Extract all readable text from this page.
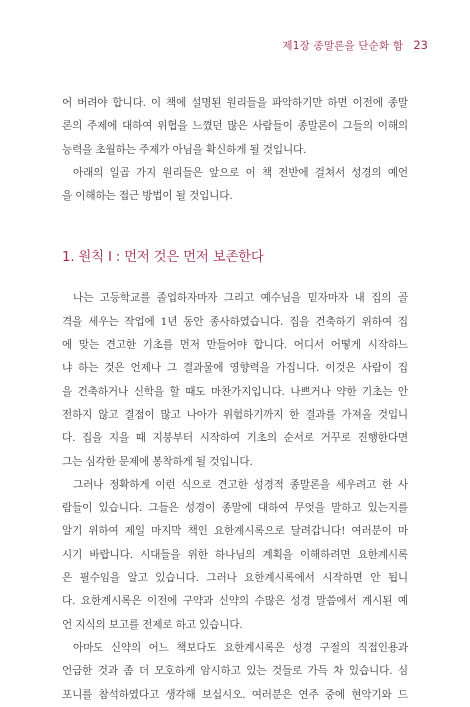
제1장 종말론을 단순화 함 23

어 버려야 합니다. 이 책에 설명된 원리들을 파악하기만 하면 이전에 종말
론의 주제에 대하여 위협을 느꼈던 많은 사람들이 종말론이 그들의 이해의
능력을 초월하는 주제가 아님을 확신하게 될 것입니다.

아래의 일곱 가지 원리들은 앞으로 이 책 전반에 걸쳐서 성경의 예언
을 이해하는 접근 방법이 될 것입니다.

1. 원칙 I : 먼저 것은 먼저 보존한다

나는 고등학교를 졸업하자마자 그리고 예수님을 믿자마자 내 집의 골
격을 세우는 작업에 1년 동안 종사하였습니다. 집을 건축하기 위하여 집
에 맞는 견고한 기초를 먼저 만들어야 합니다. 어디서 어떻게 시작하느
냐 하는 것은 언제나 그 결과물에 영향력을 가집니다. 이것은 사람이 집
을 건축하거나 신학을 할 때도 마찬가지입니다. 나쁘거나 약한 기초는 안
전하지 않고 결점이 많고 나아가 위험하기까지 한 결과를 가져올 것입니
다. 집을 지을 때 지붕부터 시작하여 기초의 순서로 거꾸로 진행한다면
그는 심각한 문제에 봉착하게 될 것입니다.

그러나 정확하게 이런 식으로 견고한 성경적 종말론을 세우려고 한 사
람들이 있습니다. 그들은 성경이 종말에 대하여 무엇을 말하고 있는지를
알기 위하여 제일 마지막 책인 요한계시록으로 달려갑니다! 여러분이 마
시기 바랍니다. 시대들을 위한 하나님의 계획을 이해하려면 요한계시록
은 필수임을 알고 있습니다. 그러나 요한계시록에서 시작하면 안 됩니
다. 요한계시록은 이전에 구약과 신약의 수많은 성경 말씀에서 계시된 예
언 지식의 보고를 전제로 하고 있습니다.

아마도 신약의 어느 책보다도 요한계시록은 성경 구절의 직접인용과
언급한 것과 좀 더 모호하게 암시하고 있는 것들로 가득 차 있습니다. 심
포니를 참석하였다고 생각해 보십시오. 여러분은 연주 중에 현악기와 드
